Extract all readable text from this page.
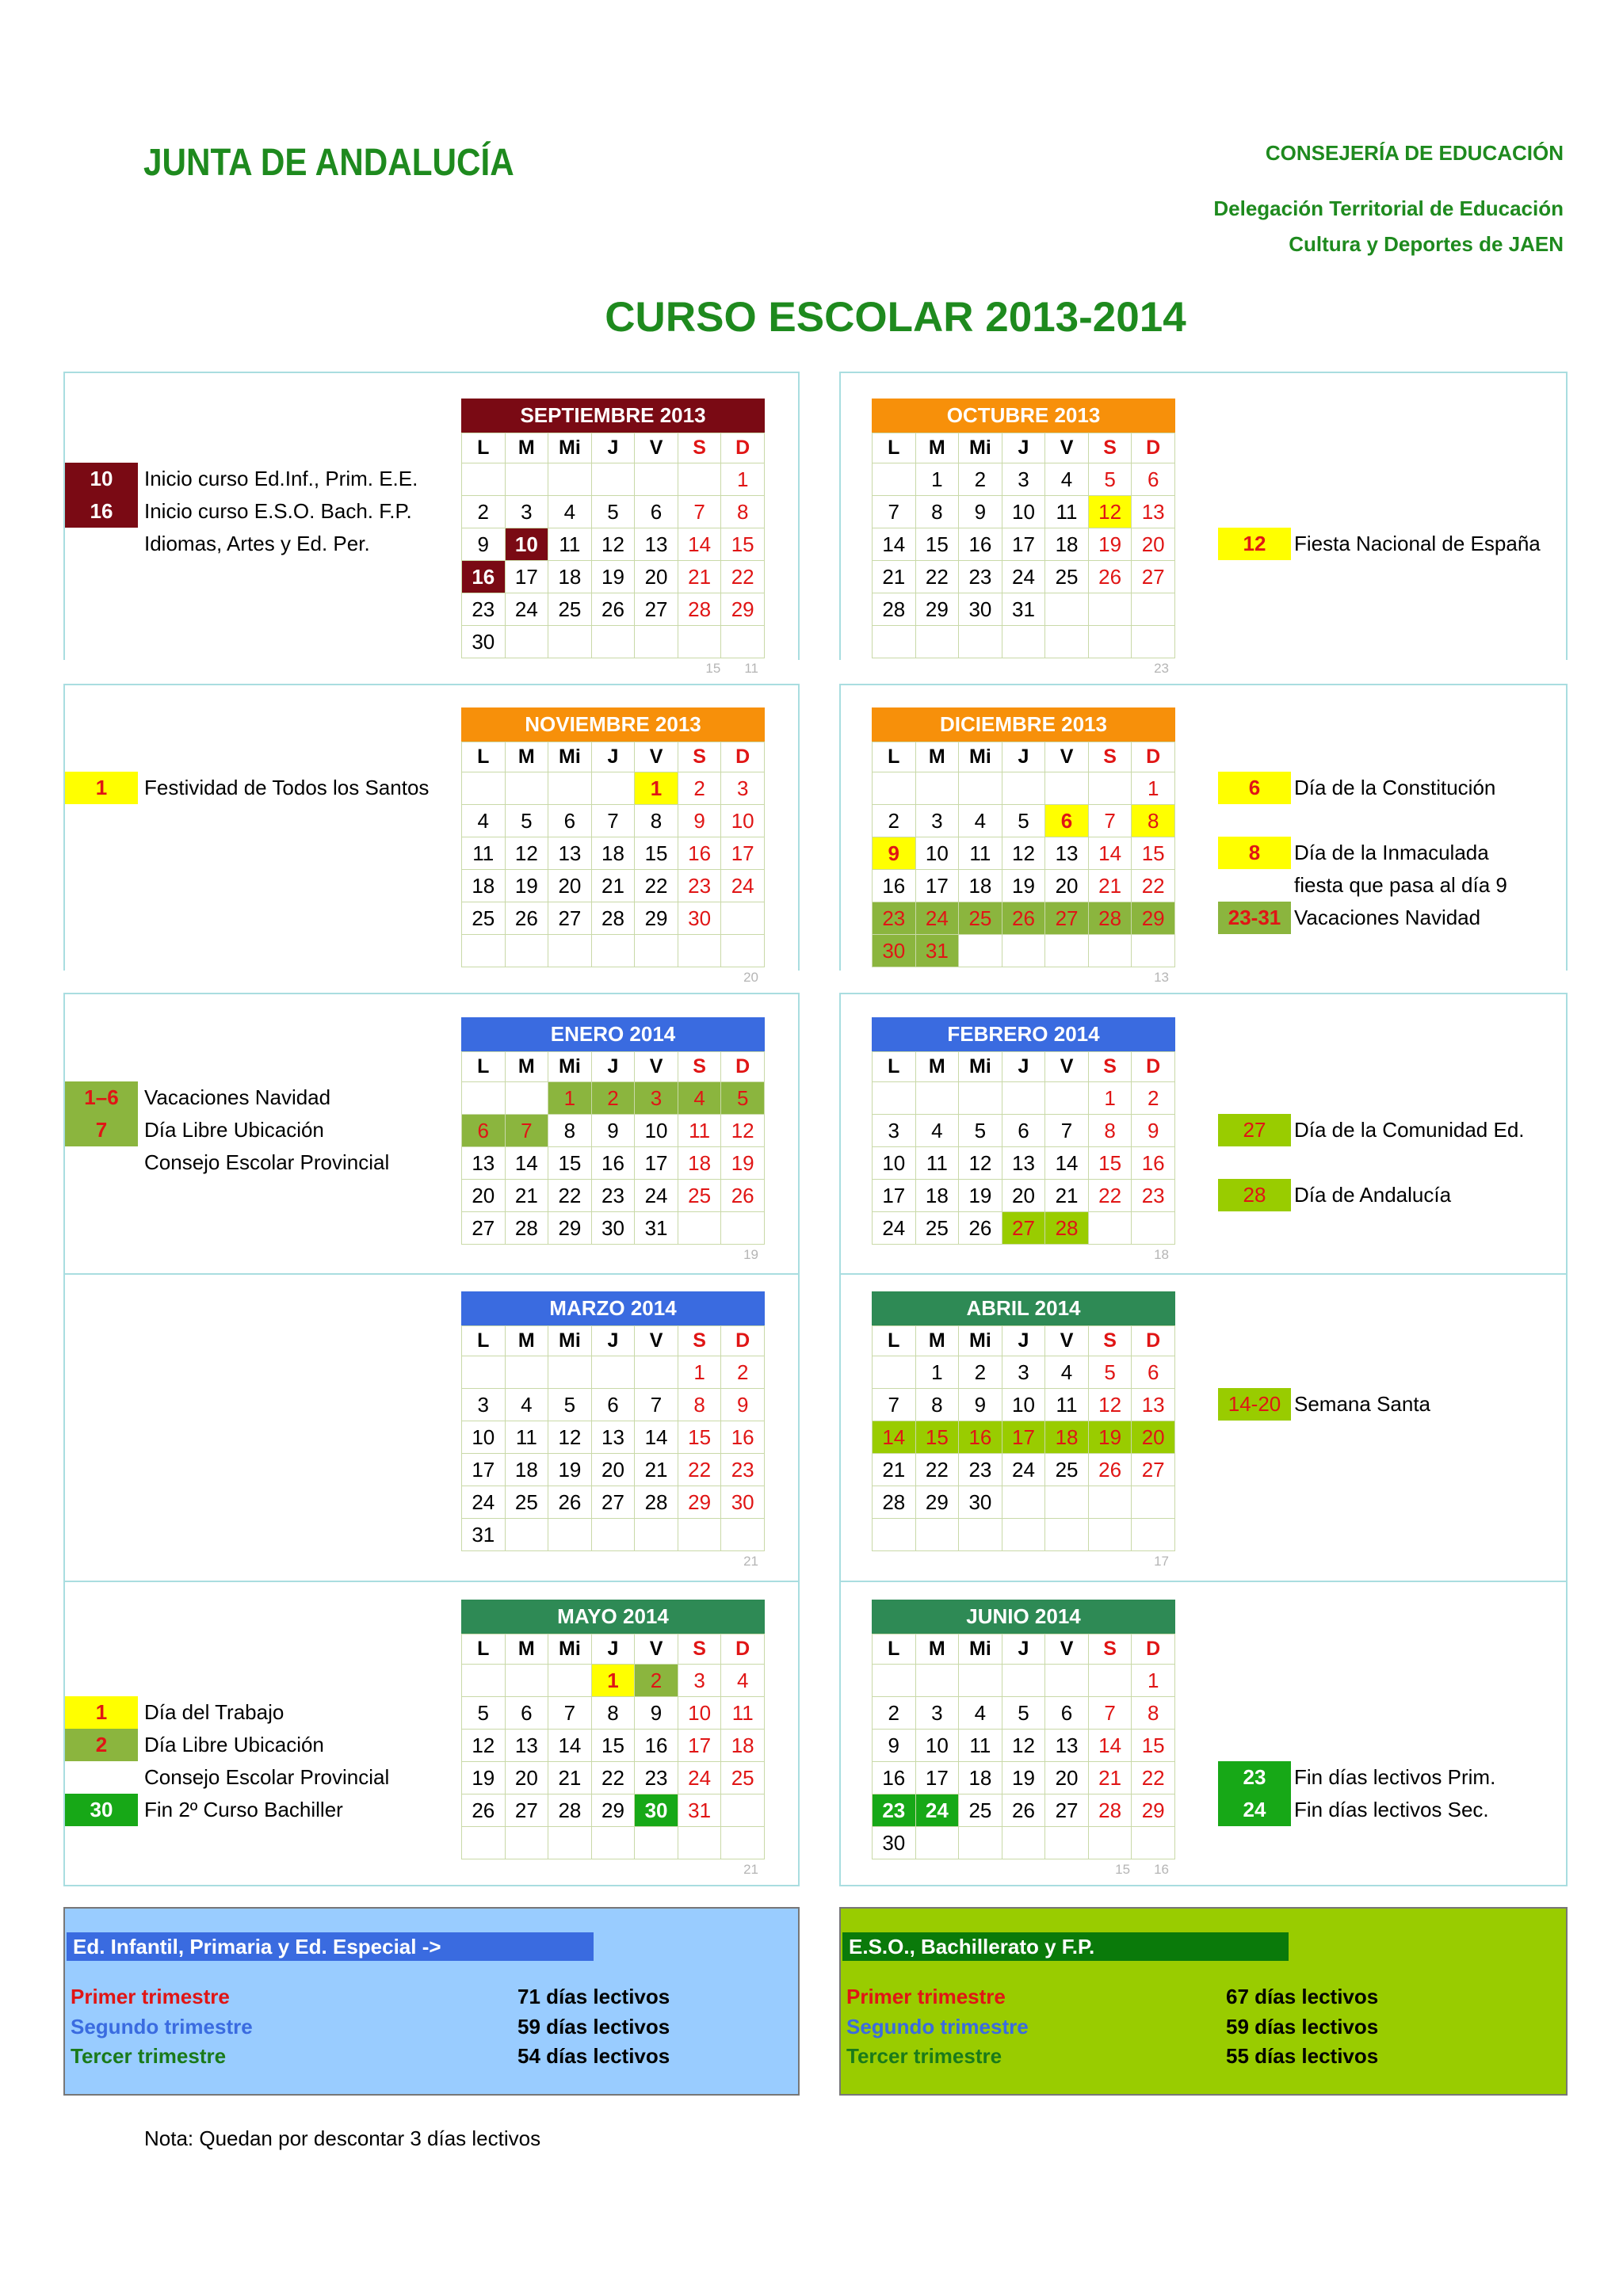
JUNTA DE ANDALUCÍA	CONSEJERÍA DE EDUCACIÓN
Delegación Territorial de Educación
Cultura y Deportes de JAEN
CURSO ESCOLAR 2013-2014
SEPTIEMBRE 2013
L	M	Mi	J	V	S	D
						1
2	3	4	5	6	7	8
9	10	11	12	13	14	15
16	17	18	19	20	21	22
23	24	25	26	27	28	29
30						
15 11
OCTUBRE 2013
L	M	Mi	J	V	S	D
	1	2	3	4	5	6
7	8	9	10	11	12	13
14	15	16	17	18	19	20
21	22	23	24	25	26	27
28	29	30	31			

23
NOVIEMBRE 2013
L	M	Mi	J	V	S	D
				1	2	3
4	5	6	7	8	9	10
11	12	13	18	15	16	17
18	19	20	21	22	23	24
25	26	27	28	29	30	

20
DICIEMBRE 2013
L	M	Mi	J	V	S	D
						1
2	3	4	5	6	7	8
9	10	11	12	13	14	15
16	17	18	19	20	21	22
23	24	25	26	27	28	29
30	31					
13
ENERO 2014
L	M	Mi	J	V	S	D
		1	2	3	4	5
6	7	8	9	10	11	12
13	14	15	16	17	18	19
20	21	22	23	24	25	26
27	28	29	30	31		
19
FEBRERO 2014
L	M	Mi	J	V	S	D
					1	2
3	4	5	6	7	8	9
10	11	12	13	14	15	16
17	18	19	20	21	22	23
24	25	26	27	28		
18
MARZO 2014
L	M	Mi	J	V	S	D
					1	2
3	4	5	6	7	8	9
10	11	12	13	14	15	16
17	18	19	20	21	22	23
24	25	26	27	28	29	30
31						
21
ABRIL 2014
L	M	Mi	J	V	S	D
	1	2	3	4	5	6
7	8	9	10	11	12	13
14	15	16	17	18	19	20
21	22	23	24	25	26	27
28	29	30				

17
MAYO 2014
L	M	Mi	J	V	S	D
			1	2	3	4
5	6	7	8	9	10	11
12	13	14	15	16	17	18
19	20	21	22	23	24	25
26	27	28	29	30	31	

21
JUNIO 2014
L	M	Mi	J	V	S	D
						1
2	3	4	5	6	7	8
9	10	11	12	13	14	15
16	17	18	19	20	21	22
23	24	25	26	27	28	29
30						
15 16
10	Inicio curso Ed.Inf., Prim. E.E.
16	Inicio curso E.S.O. Bach. F.P.
Idiomas, Artes y Ed. Per.	12	Fiesta Nacional de España
1	Festividad de Todos los Santos	6	Día de la Constitución
8	Día de la Inmaculada
fiesta que pasa al día 9
23-31 Vacaciones Navidad
1–6	Vacaciones Navidad
7	Día Libre Ubicación
Consejo Escolar Provincial
27	Día de la Comunidad Ed.
28	Día de Andalucía
14-20 Semana Santa
1	Día del Trabajo
2	Día Libre Ubicación
Consejo Escolar Provincial
30	Fin 2º Curso Bachiller
23	Fin días lectivos Prim.
24	Fin días lectivos Sec.
Ed. Infantil, Primaria y Ed. Especial ->
Primer trimestre	71 días lectivos
Segundo trimestre	59 días lectivos
Tercer trimestre	54 días lectivos
E.S.O., Bachillerato y F.P.
Primer trimestre	67 días lectivos
Segundo trimestre	59 días lectivos
Tercer trimestre	55 días lectivos
Nota: Quedan por descontar 3 días lectivos
